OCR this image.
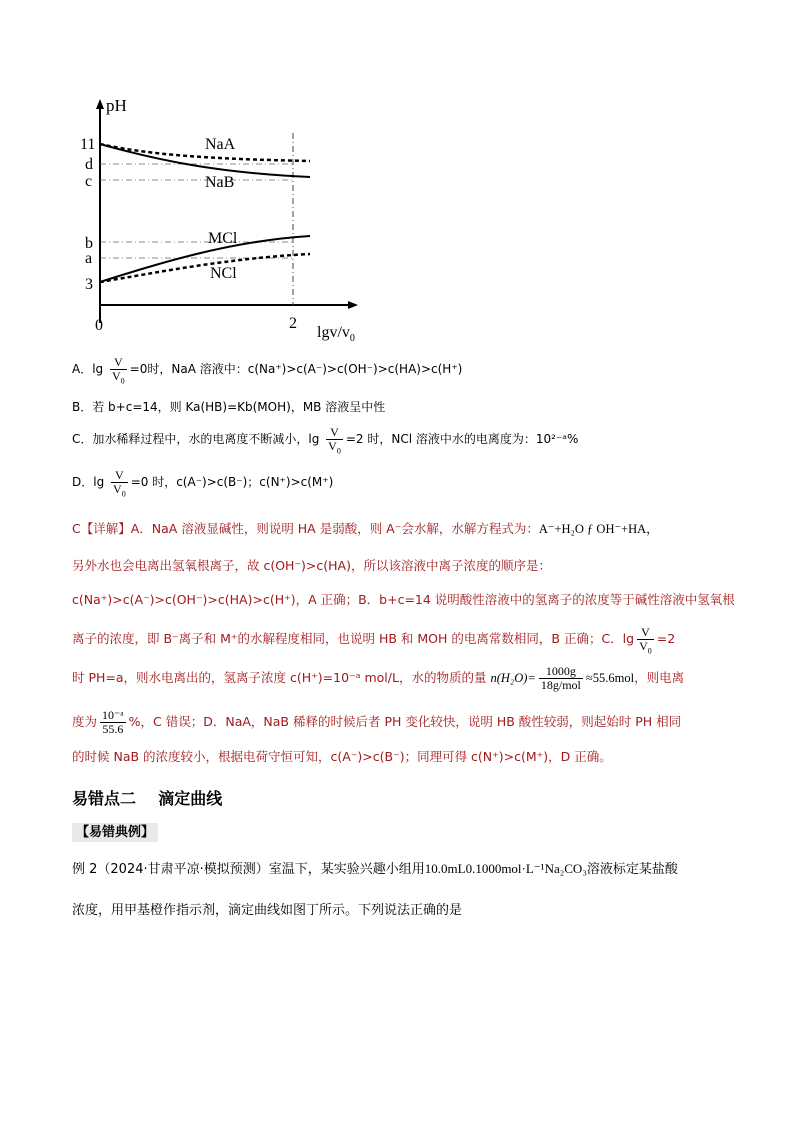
pH
11
d
c
b
a
3
0	2
lgv/$v_0$
NaA
NaB
MCl
NCl
A．$\lg \frac{V}{V_0} =0$时，NaA 溶液中：c(Na⁺)>c(A⁻)>c(OH⁻)>c(HA)>c(H⁺)
B．若 b+c=14，则 Ka(HB)=Kb(MOH)，MB 溶液呈中性
C．加水稀释过程中，水的电离度不断减小，$\lg \frac{V}{V_0} =2$ 时，NCl 溶液中水的电离度为：10²⁻ᵃ%
D．$\lg \frac{V}{V_0} =0$ 时，c(A⁻)>c(B⁻)；c(N⁺)>c(M⁺)
C【详解】A．NaA 溶液显碱性，则说明 HA 是弱酸，则 A⁻会水解，水解方程式为：A⁻+H₂O ƒ OH⁻+HA，
另外水也会电离出氢氧根离子，故 c(OH⁻)>c(HA)，所以该溶液中离子浓度的顺序是：
c(Na⁺)>c(A⁻)>c(OH⁻)>c(HA)>c(H⁺)，A 正确；B．b+c=14 说明酸性溶液中的氢离子的浓度等于碱性溶液中氢氧根
离子的浓度，即 B⁻离子和 M⁺的水解程度相同，也说明 HB 和 MOH 的电离常数相同，B 正确；C．$\lg \frac{V}{V_0} =2$
时 PH=a，则水电离出的，氢离子浓度 c(H⁺)=10⁻ᵃ mol/L，水的物质的量 $n(H_2O)= \frac{1000g}{\text{18g/mol}} \approx 55.6mol$，则电离
度为 $\frac{\text{10⁻ᵃ}}{55.6}$ %，C 错误；D．NaA，NaB 稀释的时候后者 PH 变化较快，说明 HB 酸性较弱，则起始时 PH 相同
的时候 NaB 的浓度较小，根据电荷守恒可知，c(A⁻)>c(B⁻)；同理可得 c(N⁺)>c(M⁺)，D 正确。
易错点二    滴定曲线
【易错典例】
例 2（2024·甘肃平凉·模拟预测）室温下，某实验兴趣小组用10.0mL0.1000mol·L⁻¹Na₂CO₃溶液标定某盐酸
浓度，用甲基橙作指示剂，滴定曲线如图丁所示。下列说法正确的是
